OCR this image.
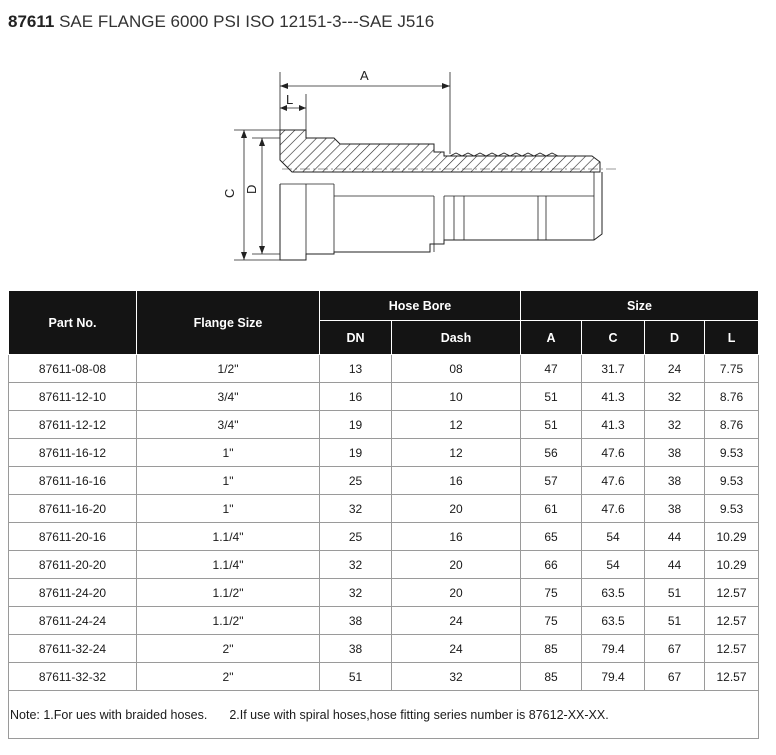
87611 SAE FLANGE 6000 PSI ISO 12151-3---SAE J516
A
L
C D
Part No.	Flange Size	Hose Bore		Size			
		DN	Dash	A	C	D	L
87611-08-08	1/2"	13	08	47	31.7	24	7.75
87611-12-10	3/4"	16	10	51	41.3	32	8.76
87611-12-12	3/4"	19	12	51	41.3	32	8.76
87611-16-12	1"	19	12	56	47.6	38	9.53
87611-16-16	1"	25	16	57	47.6	38	9.53
87611-16-20	1"	32	20	61	47.6	38	9.53
87611-20-16	1.1/4"	25	16	65	54	44	10.29
87611-20-20	1.1/4"	32	20	66	54	44	10.29
87611-24-20	1.1/2"	32	20	75	63.5	51	12.57
87611-24-24	1.1/2"	38	24	75	63.5	51	12.57
87611-32-24	2"	38	24	85	79.4	67	12.57
87611-32-32	2"	51	32	85	79.4	67	12.57
Note: 1.For ues with braided hoses. 2.If use with spiral hoses,hose fitting series number is 87612-XX-XX.							
